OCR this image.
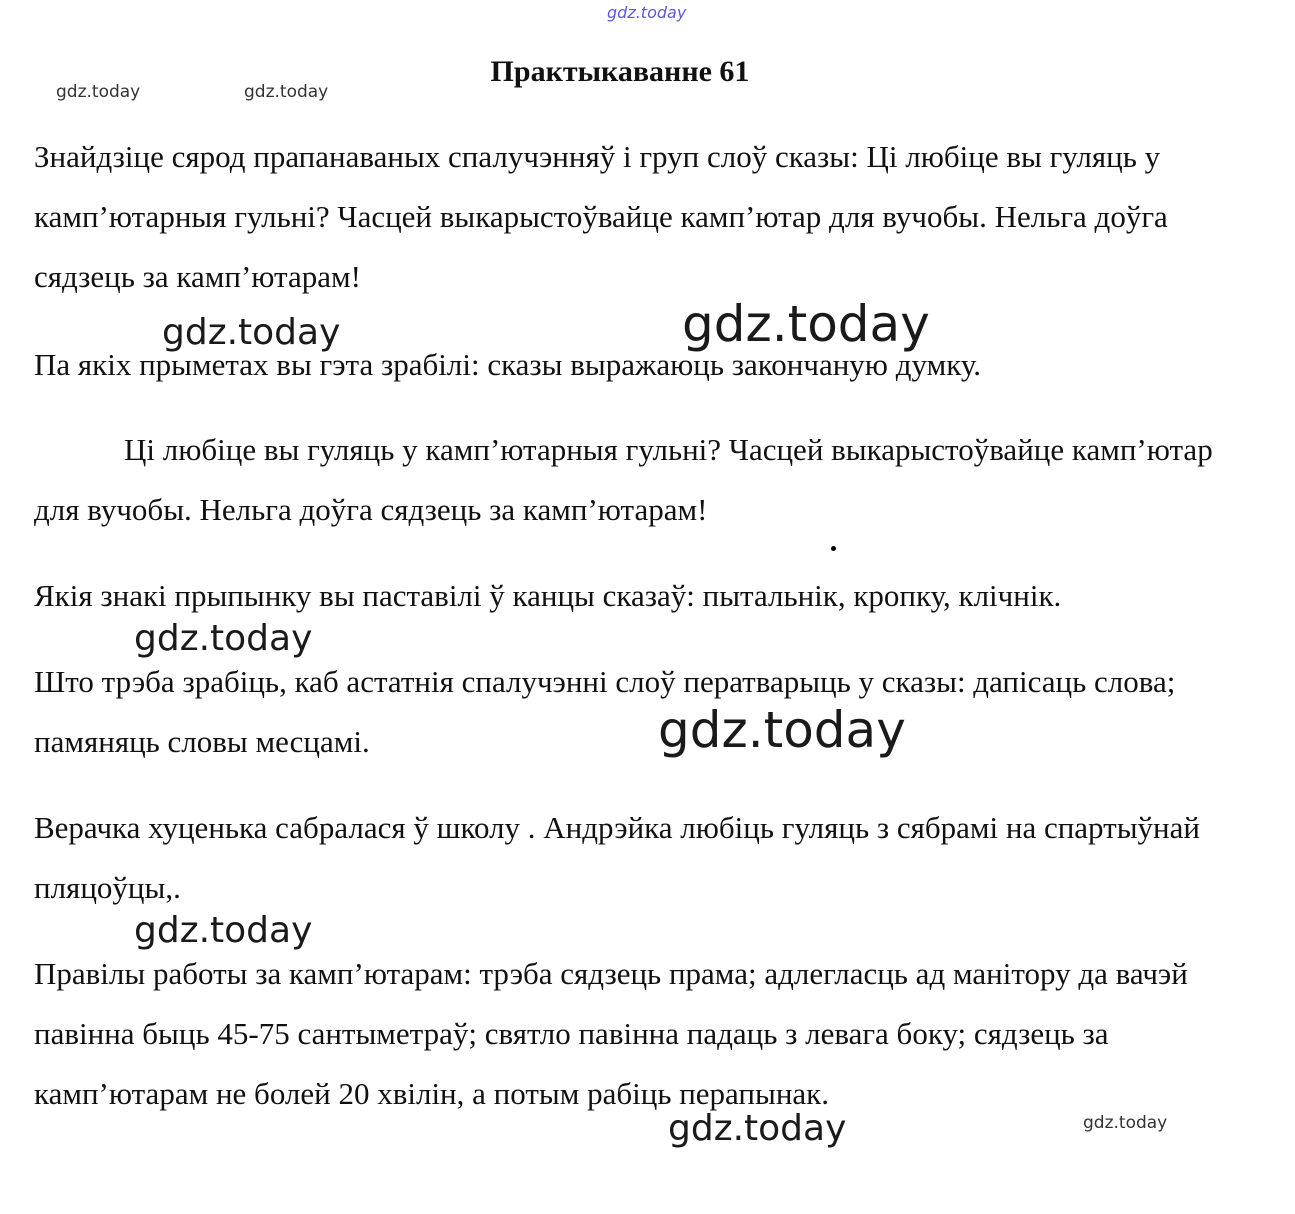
gdz.today
Практыкаванне 61
gdz.today	gdz.today

Знайдзіце сярод прапанаваных спалучэнняў і груп слоў сказы: Ці любіце вы гуляць у камп’ютарныя гульні? Часцей выкарыстоўвайце камп’ютар для вучобы. Нельга доўга сядзець за камп’ютарам!

Па якіх прыметах вы гэта зрабілі: сказы выражаюць закончаную думку.

Ці любіце вы гуляць у камп’ютарныя гульні? Часцей выкарыстоўвайце камп’ютар для вучобы. Нельга доўга сядзець за камп’ютарам!

Якія знакі прыпынку вы паставілі ў канцы сказаў: пытальнік, кропку, клічнік.

Што трэба зрабіць, каб астатнія спалучэнні слоў ператварыць у сказы: дапісаць слова; памяняць словы месцамі.

Верачка хуценька сабралася ў школу . Андрэйка любіць гуляць з сябрамі на спартыўнай пляцоўцы,.

Правілы работы за камп’ютарам: трэба сядзець прама; адлегласць ад манітору да вачэй павінна быць 45-75 сантыметраў; святло павінна падаць з левага боку; сядзець за камп’ютарам не болей 20 хвілін, а потым рабіць перапынак.

gdz.today	gdz.today
gdz.today
gdz.today
gdz.today
gdz.today	gdz.today
